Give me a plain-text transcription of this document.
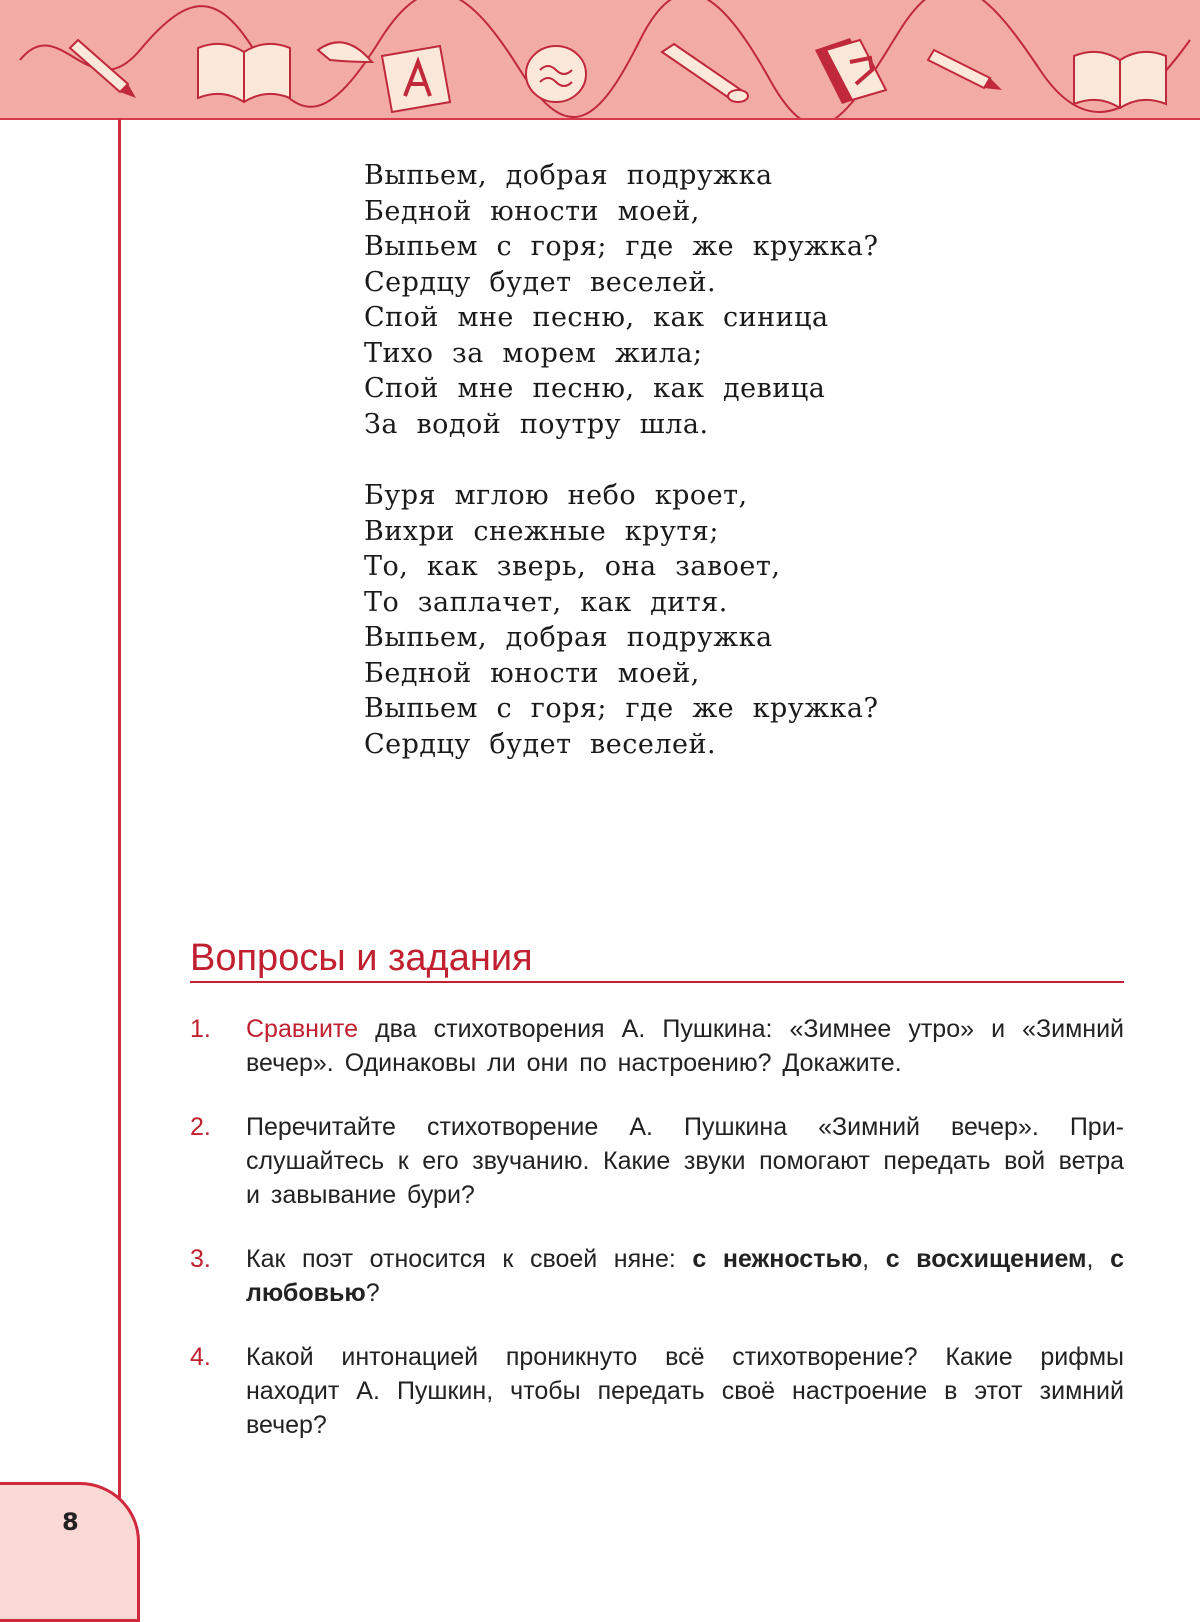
Выпьем, добрая подружка
Бедной юности моей,
Выпьем с горя; где же кружка?
Сердцу будет веселей.
Спой мне песню, как синица
Тихо за морем жила;
Спой мне песню, как девица
За водой поутру шла.
Буря мглою небо кроет,
Вихри снежные крутя;
То, как зверь, она завоет,
То заплачет, как дитя.
Выпьем, добрая подружка
Бедной юности моей,
Выпьем с горя; где же кружка?
Сердцу будет веселей.
Вопросы и задания
1.	Сравните два стихотворения А. Пушкина: «Зимнее утро» и «Зимний вечер». Одинаковы ли они по настроению? Докажите.
2.	Перечитайте стихотворение А. Пушкина «Зимний вечер». Прислушайтесь к его звучанию. Какие звуки помогают передать вой ветра и завывание бури?
3.	Как поэт относится к своей няне: с нежностью, с восхищением, с любовью?
4.	Какой интонацией проникнуто всё стихотворение? Какие рифмы находит А. Пушкин, чтобы передать своё настроение в этот зимний вечер?
8
